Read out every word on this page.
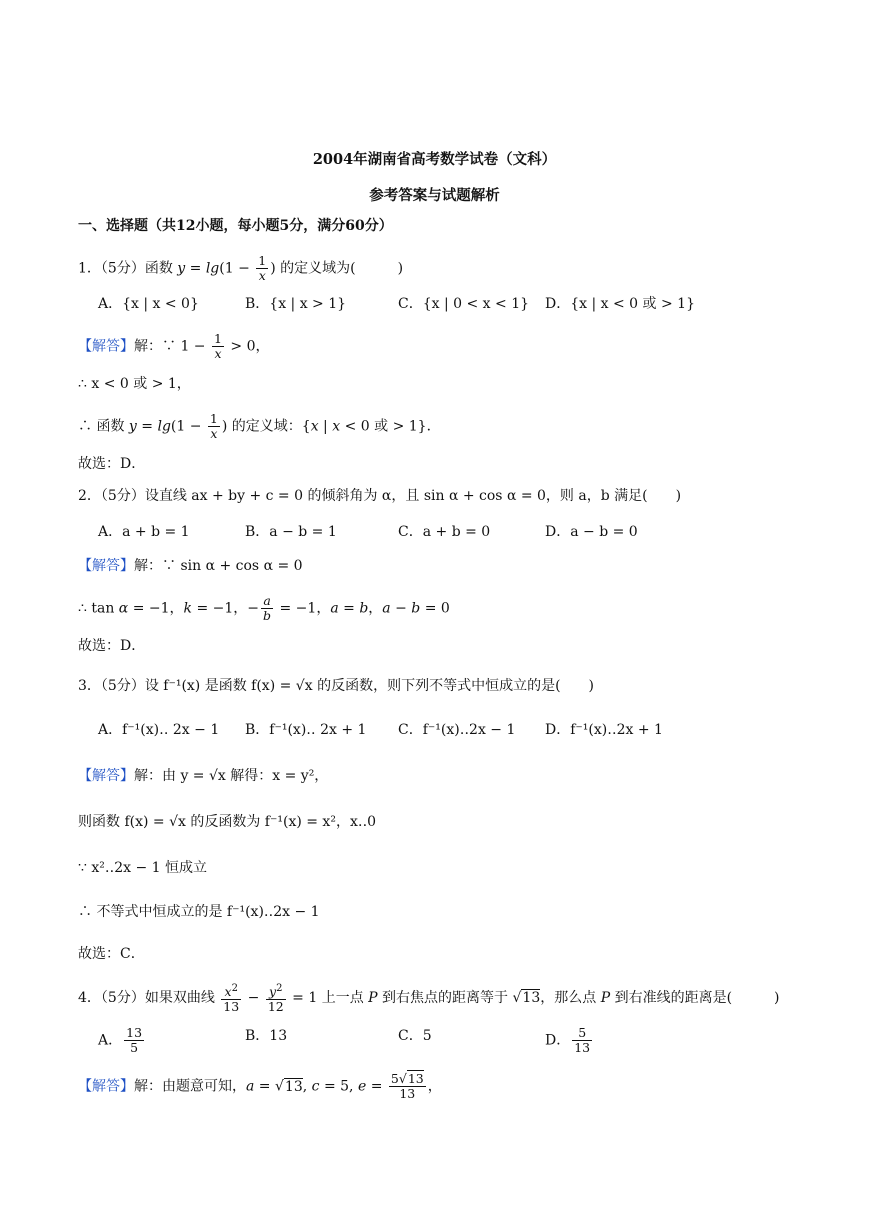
2004年湖南省高考数学试卷（文科）
参考答案与试题解析
一、选择题（共12小题，每小题5分，满分60分）
1．（5分）函数 $y = \lg(1 - \frac{1}{x}$ ) 的定义域为(　　　)
A．{x | x < 0}	B．{x | x > 1}	C．{x | 0 < x < 1} D．{x | x < 0 或 > 1}
【解答】解：∵ $1 - \frac{1}{x} > 0$，
∴ x < 0 或 > 1，
∴ 函数 $y = \lg(1 - \frac{1}{x}$ ) 的定义域：{x | x < 0 或 > 1}．
故选：D．
2．（5分）设直线 ax + by + c = 0 的倾斜角为 α，且 sin α + cos α = 0，则 a，b 满足(　　)
A．a + b = 1	B．a − b = 1	C．a + b = 0	D．a − b = 0
【解答】解：∵ sin α + cos α = 0
∴ tan α = −1，k = −1，− $\frac{a}{b} = -1$，a = b，a − b = 0
故选：D．
3．（5分）设 f⁻¹(x) 是函数 f(x) = √x 的反函数，则下列不等式中恒成立的是(　　)
A．f⁻¹(x)‥ 2x − 1 B．f⁻¹(x)‥ 2x + 1 C．f⁻¹(x)‥2x − 1 D．f⁻¹(x)‥2x + 1
【解答】解：由 y = √x 解得：x = y²，
则函数 f(x) = √x 的反函数为 f⁻¹(x) = x²，x‥0
∵ x²‥2x − 1 恒成立
∴ 不等式中恒成立的是 f⁻¹(x)‥2x − 1
故选：C．
4．（5分）如果双曲线 $\frac{x^2}{13} - \frac{y^2}{12} = 1$ 上一点 P 到右焦点的距离等于 √13，那么点 P 到右准线的距离是(　　　)
A． $\frac{13}{5}$	B．13	C．5	D． $\frac{5}{13}$
【解答】解：由题意可知，a = √13, c = 5, $e = \frac{5√13}{13}$ ，
